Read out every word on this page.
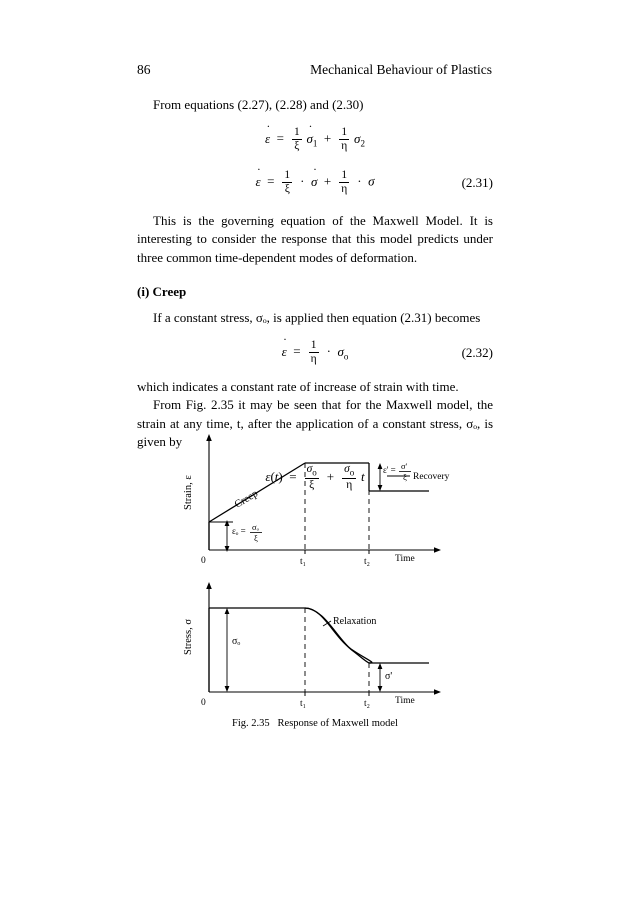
86	Mechanical Behaviour of Plastics

From equations (2.27), (2.28) and (2.30)

˙ $\varepsilon = \frac{1}{\xi}$ ˙ $\sigma_1 + \frac{1}{\eta} \sigma_2$
˙ $\varepsilon = \frac{1}{\xi}$ ·  ˙ $\sigma + \frac{1}{\eta} \cdot \sigma$	(2.31)

This is the governing equation of the Maxwell Model. It is interesting to consider the response that this model predicts under three common time-dependent modes of deformation.

(i) Creep

If a constant stress, σₒ, is applied then equation (2.31) becomes

˙ $\varepsilon = \frac{1}{\eta} \cdot \sigma_o$	(2.32)

which indicates a constant rate of increase of strain with time.

From Fig. 2.35 it may be seen that for the Maxwell model, the strain at any time, t, after the application of a constant stress, σₒ, is given by

$\varepsilon(t) = \frac{\sigma_o}{\xi} + \frac{\sigma_o}{\eta}$ t
Strain, ε
Time
0	t₁	t₂
Creep
Recovery
εₒ = σₒ
ξ
ε' = σ'
ξ
Stress, σ
Time
0	t₁	t₂
σₒ
σ'
Relaxation
Fig. 2.35 Response of Maxwell model
